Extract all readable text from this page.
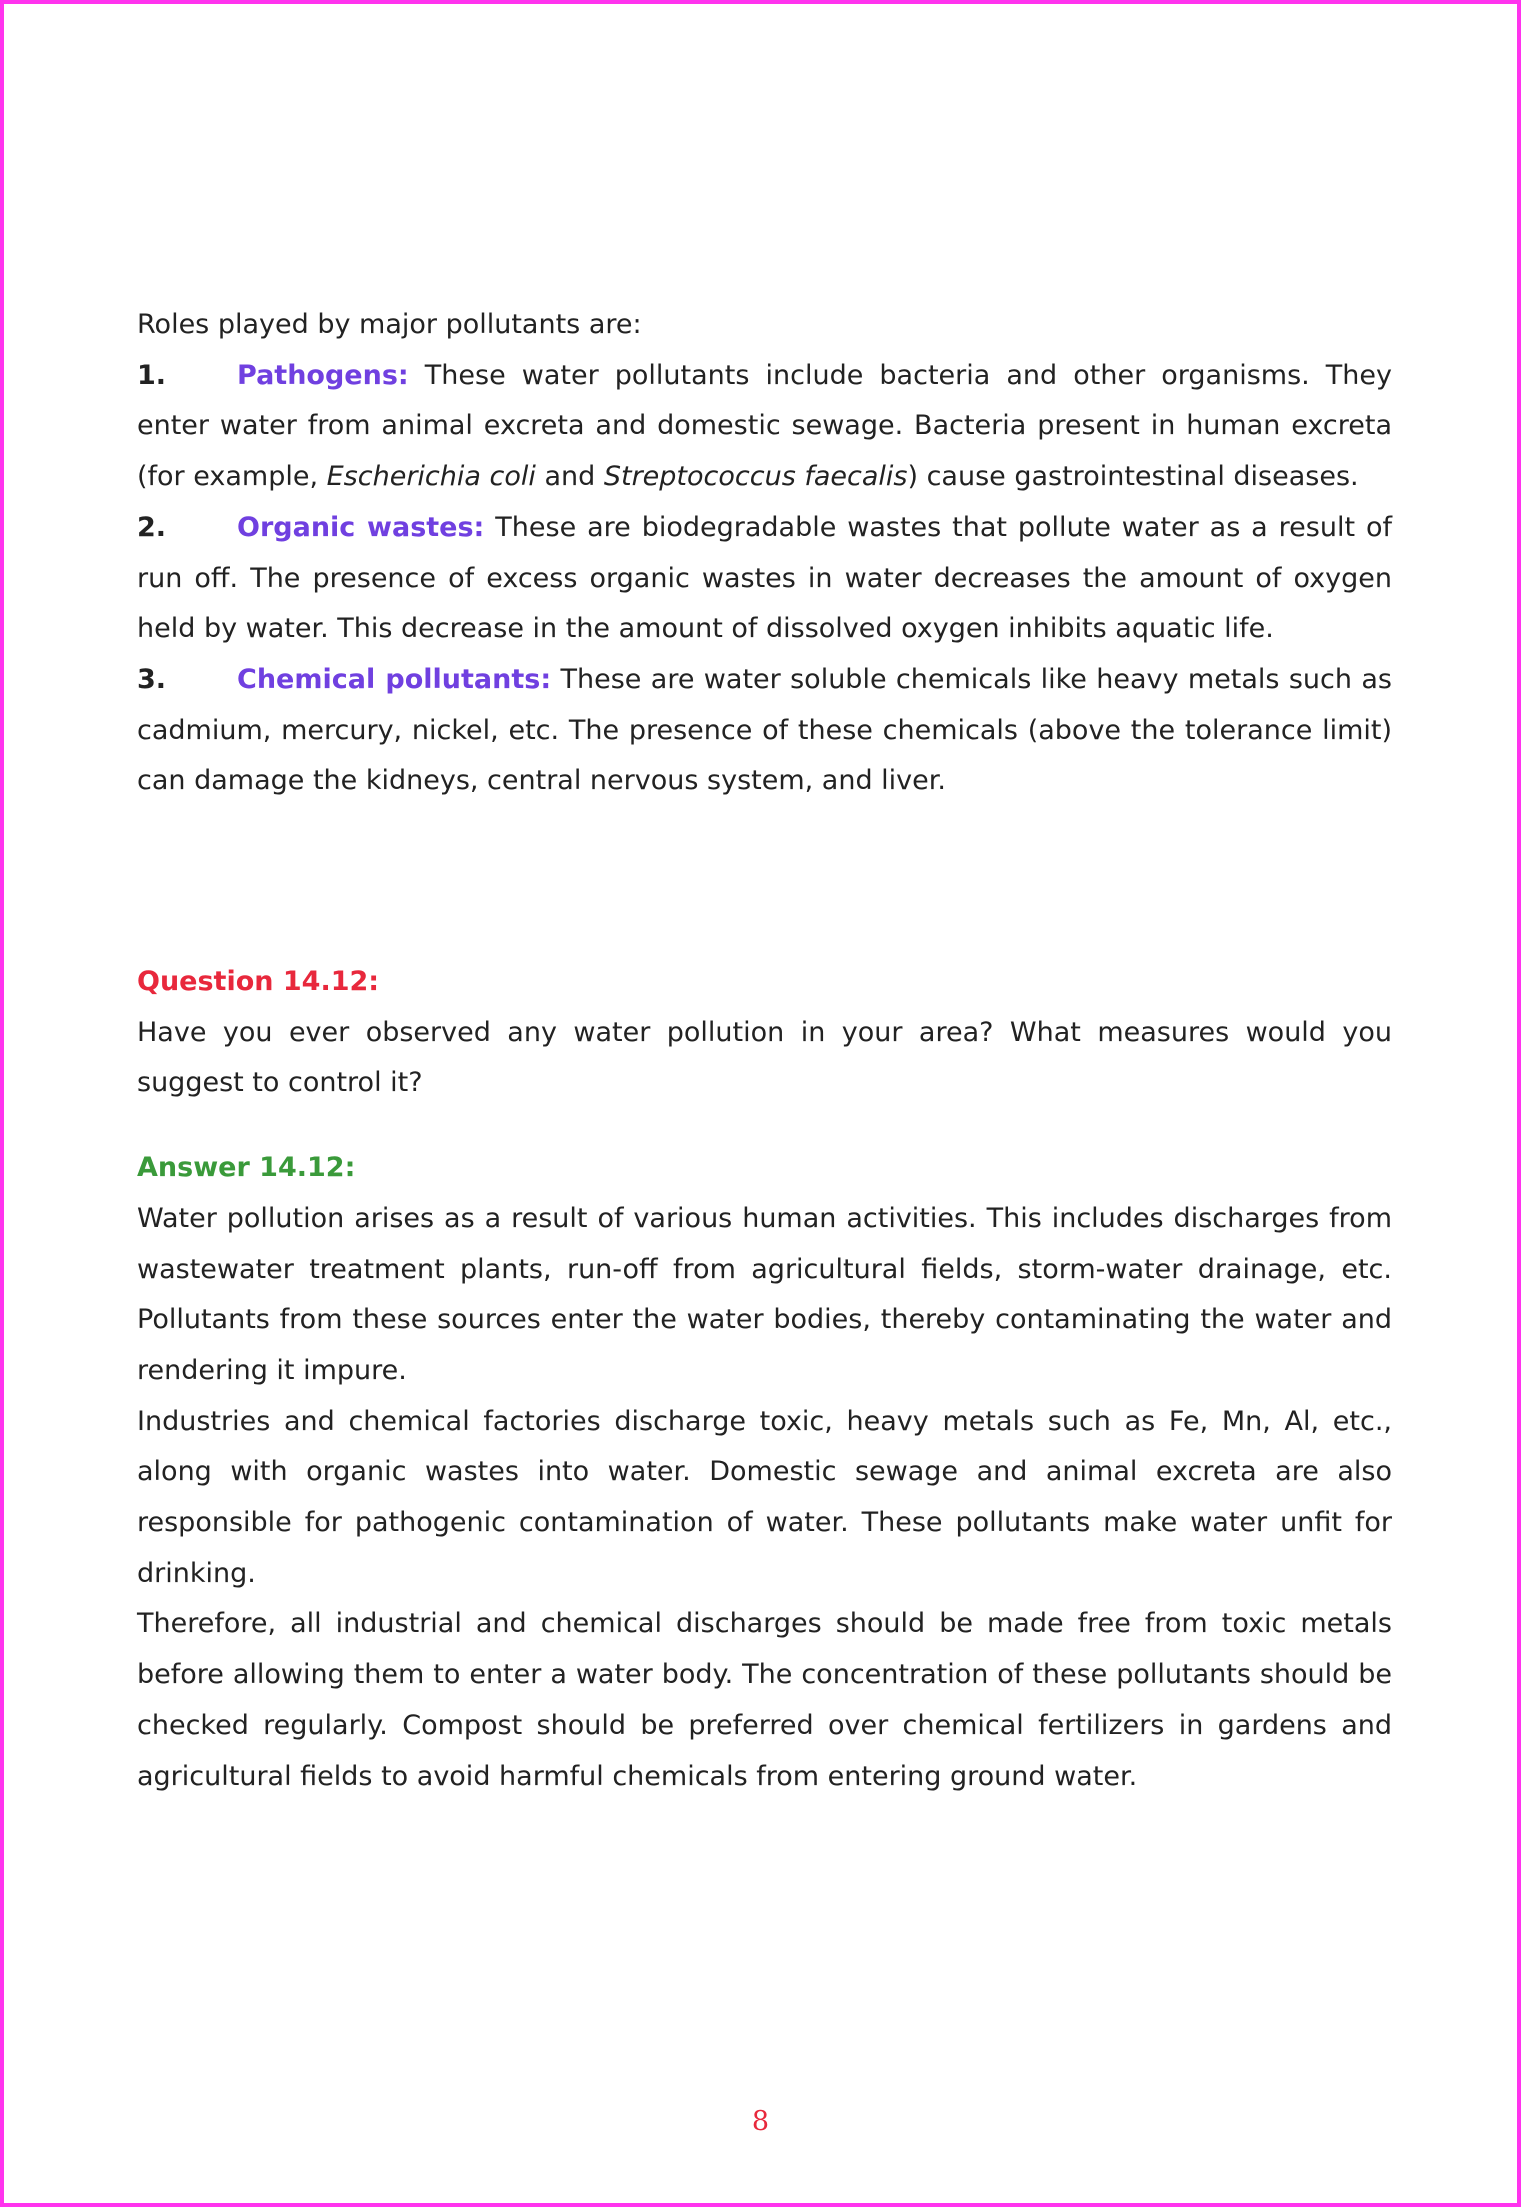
Roles played by major pollutants are:

1.	Pathogens: These water pollutants include bacteria and other organisms. They enter water from animal excreta and domestic sewage. Bacteria present in human excreta (for example, Escherichia coli and Streptococcus faecalis) cause gastrointestinal diseases.

2.	Organic wastes: These are biodegradable wastes that pollute water as a result of run off. The presence of excess organic wastes in water decreases the amount of oxygen held by water. This decrease in the amount of dissolved oxygen inhibits aquatic life.

3.	Chemical pollutants: These are water soluble chemicals like heavy metals such as cadmium, mercury, nickel, etc. The presence of these chemicals (above the tolerance limit) can damage the kidneys, central nervous system, and liver.

Question 14.12:

Have you ever observed any water pollution in your area? What measures would you suggest to control it?

Answer 14.12:

Water pollution arises as a result of various human activities. This includes discharges from wastewater treatment plants, run-off from agricultural fields, storm-water drainage, etc. Pollutants from these sources enter the water bodies, thereby contaminating the water and rendering it impure.

Industries and chemical factories discharge toxic, heavy metals such as Fe, Mn, Al, etc., along with organic wastes into water. Domestic sewage and animal excreta are also responsible for pathogenic contamination of water. These pollutants make water unfit for drinking.

Therefore, all industrial and chemical discharges should be made free from toxic metals before allowing them to enter a water body. The concentration of these pollutants should be checked regularly. Compost should be preferred over chemical fertilizers in gardens and agricultural fields to avoid harmful chemicals from entering ground water.

8
